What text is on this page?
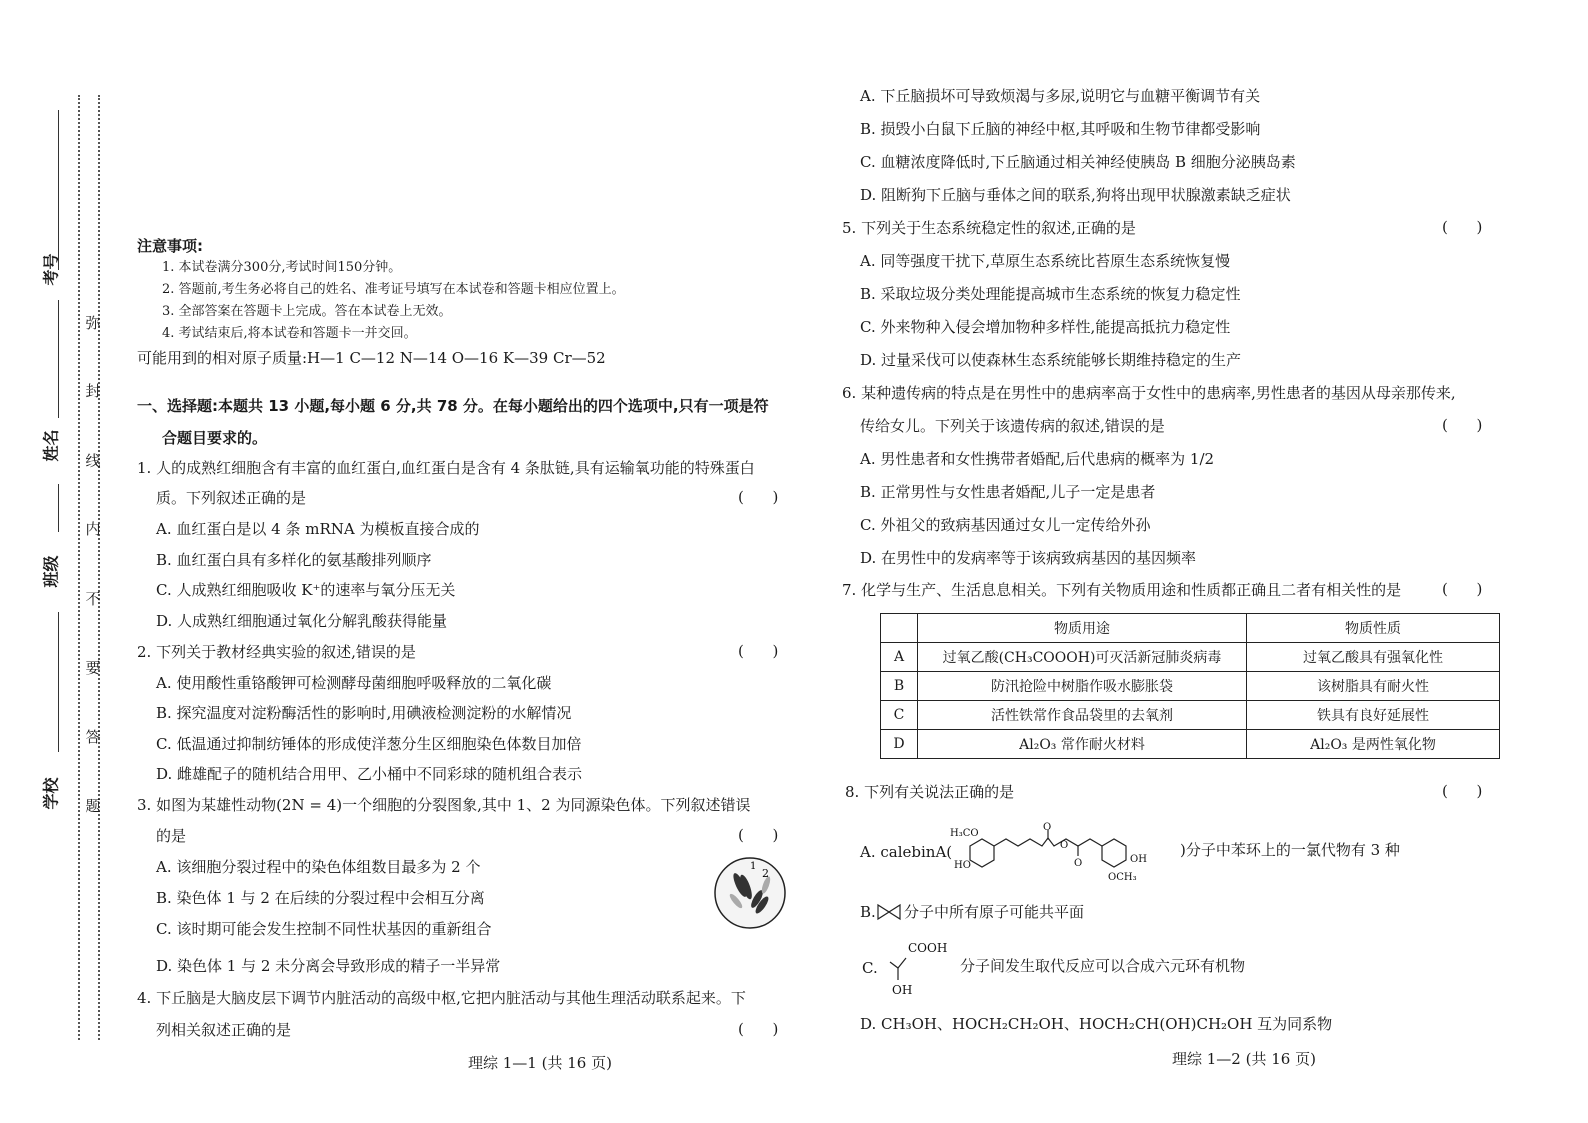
考号
姓名
班级
学校
弥
封
线
内
不
要
答
题
注意事项:
1. 本试卷满分300分,考试时间150分钟。
2. 答题前,考生务必将自己的姓名、准考证号填写在本试卷和答题卡相应位置上。
3. 全部答案在答题卡上完成。答在本试卷上无效。
4. 考试结束后,将本试卷和答题卡一并交回。
可能用到的相对原子质量:H—1 C—12 N—14 O—16 K—39 Cr—52
一、选择题:本题共 13 小题,每小题 6 分,共 78 分。在每小题给出的四个选项中,只有一项是符
合题目要求的。
1. 人的成熟红细胞含有丰富的血红蛋白,血红蛋白是含有 4 条肽链,具有运输氧功能的特殊蛋白
质。下列叙述正确的是	(      )
A. 血红蛋白是以 4 条 mRNA 为模板直接合成的
B. 血红蛋白具有多样化的氨基酸排列顺序
C. 人成熟红细胞吸收 K⁺的速率与氧分压无关
D. 人成熟红细胞通过氧化分解乳酸获得能量
2. 下列关于教材经典实验的叙述,错误的是	(      )
A. 使用酸性重铬酸钾可检测酵母菌细胞呼吸释放的二氧化碳
B. 探究温度对淀粉酶活性的影响时,用碘液检测淀粉的水解情况
C. 低温通过抑制纺锤体的形成使洋葱分生区细胞染色体数目加倍
D. 雌雄配子的随机结合用甲、乙小桶中不同彩球的随机组合表示
3. 如图为某雄性动物(2N = 4)一个细胞的分裂图象,其中 1、2 为同源染色体。下列叙述错误
的是	(      )
A. 该细胞分裂过程中的染色体组数目最多为 2 个
B. 染色体 1 与 2 在后续的分裂过程中会相互分离
C. 该时期可能会发生控制不同性状基因的重新组合
D. 染色体 1 与 2 未分离会导致形成的精子一半异常
1
2
4. 下丘脑是大脑皮层下调节内脏活动的高级中枢,它把内脏活动与其他生理活动联系起来。下
列相关叙述正确的是	(      )
理综 1—1 (共 16 页)
A. 下丘脑损坏可导致烦渴与多尿,说明它与血糖平衡调节有关
B. 损毁小白鼠下丘脑的神经中枢,其呼吸和生物节律都受影响
C. 血糖浓度降低时,下丘脑通过相关神经使胰岛 B 细胞分泌胰岛素
D. 阻断狗下丘脑与垂体之间的联系,狗将出现甲状腺激素缺乏症状
5. 下列关于生态系统稳定性的叙述,正确的是	(      )
A. 同等强度干扰下,草原生态系统比苔原生态系统恢复慢
B. 采取垃圾分类处理能提高城市生态系统的恢复力稳定性
C. 外来物种入侵会增加物种多样性,能提高抵抗力稳定性
D. 过量采伐可以使森林生态系统能够长期维持稳定的生产
6. 某种遗传病的特点是在男性中的患病率高于女性中的患病率,男性患者的基因从母亲那传来,
传给女儿。下列关于该遗传病的叙述,错误的是	(      )
A. 男性患者和女性携带者婚配,后代患病的概率为 1/2
B. 正常男性与女性患者婚配,儿子一定是患者
C. 外祖父的致病基因通过女儿一定传给外孙
D. 在男性中的发病率等于该病致病基因的基因频率
7. 化学与生产、生活息息相关。下列有关物质用途和性质都正确且二者有相关性的是	(      )
	物质用途	物质性质
A	过氧乙酸(CH₃COOOH)可灭活新冠肺炎病毒	过氧乙酸具有强氧化性
B	防汛抢险中树脂作吸水膨胀袋	该树脂具有耐火性
C	活性铁常作食品袋里的去氧剂	铁具有良好延展性
D	Al₂O₃ 常作耐火材料	Al₂O₃ 是两性氧化物
8. 下列有关说法正确的是	(      )
A. calebinA(
H₃CO
HO
O
O
O	OH
OCH₃
)分子中苯环上的一氯代物有 3 种
B. 分子中所有原子可能共平面
C.
COOH
OH
分子间发生取代反应可以合成六元环有机物
D. CH₃OH、HOCH₂CH₂OH、HOCH₂CH(OH)CH₂OH 互为同系物
理综 1—2 (共 16 页)
